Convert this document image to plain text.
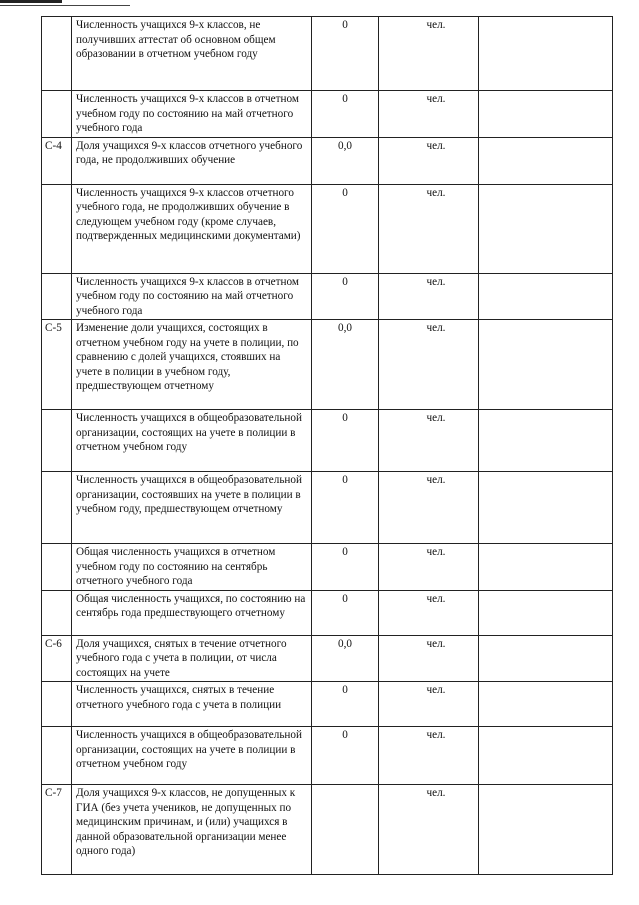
	Численность учащихся 9-х классов, не получивших аттестат об основном общем образовании в отчетном учебном году	0	чел.	
	Численность учащихся 9-х классов в отчетном учебном году по состоянию на май отчетного учебного года	0	чел.	
С-4	Доля учащихся 9-х классов отчетного учебного года, не продолживших обучение	0,0	чел.	
	Численность учащихся 9-х классов отчетного учебного года, не продолживших обучение в следующем учебном году (кроме случаев, подтвержденных медицинскими документами)	0	чел.	
	Численность учащихся 9-х классов в отчетном учебном году по состоянию на май отчетного учебного года	0	чел.	
С-5	Изменение доли учащихся, состоящих в отчетном учебном году на учете в полиции, по сравнению с долей учащихся, стоявших на учете в полиции в учебном году, предшествующем отчетному	0,0	чел.	
	Численность учащихся в общеобразовательной организации, состоящих на учете в полиции в отчетном учебном году	0	чел.	
	Численность учащихся в общеобразовательной организации, состоявших на учете в полиции в учебном году, предшествующем отчетному	0	чел.	
	Общая численность учащихся в отчетном учебном году по состоянию на сентябрь отчетного учебного года	0	чел.	
	Общая численность учащихся, по состоянию на сентябрь года предшествующего отчетному	0	чел.	
С-6	Доля учащихся, снятых в течение отчетного учебного года с учета в полиции, от числа состоящих на учете	0,0	чел.	
	Численность учащихся, снятых в течение отчетного учебного года с учета в полиции	0	чел.	
	Численность учащихся в общеобразовательной организации, состоящих на учете в полиции в отчетном учебном году	0	чел.	
С-7	Доля учащихся 9-х классов, не допущенных к ГИА (без учета учеников, не допущенных по медицинским причинам, и (или) учащихся в данной образовательной организации менее одного года)		чел.	
